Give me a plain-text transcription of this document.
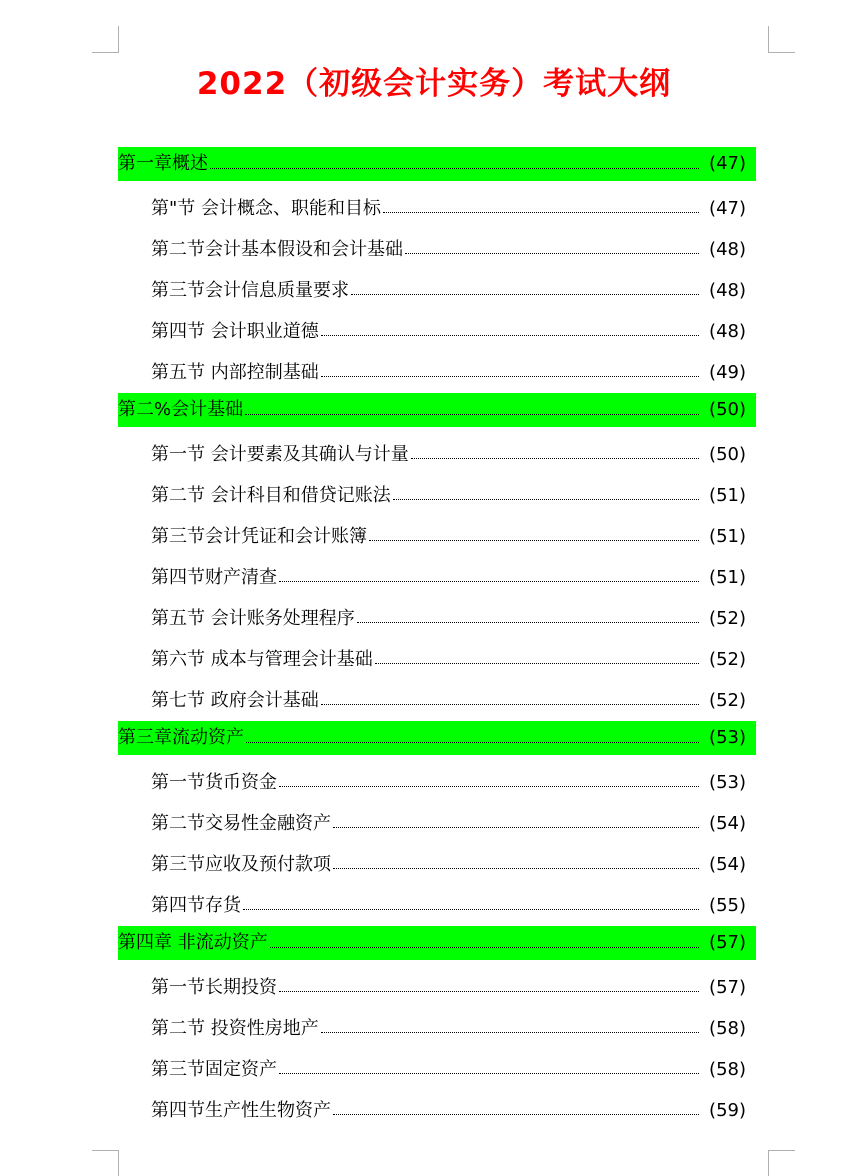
2022（初级会计实务）考试大纲
第一章概述	(47)
第"节 会计概念、职能和目标	(47)
第二节会计基本假设和会计基础	(48)
第三节会计信息质量要求	(48)
第四节 会计职业道德	(48)
第五节 内部控制基础	(49)
第二%会计基础	(50)
第一节 会计要素及其确认与计量	(50)
第二节 会计科目和借贷记账法	(51)
第三节会计凭证和会计账簿	(51)
第四节财产清查	(51)
第五节 会计账务处理程序	(52)
第六节 成本与管理会计基础	(52)
第七节 政府会计基础	(52)
第三章流动资产	(53)
第一节货币资金	(53)
第二节交易性金融资产	(54)
第三节应收及预付款项	(54)
第四节存货	(55)
第四章 非流动资产	(57)
第一节长期投资	(57)
第二节 投资性房地产	(58)
第三节固定资产	(58)
第四节生产性生物资产	(59)
